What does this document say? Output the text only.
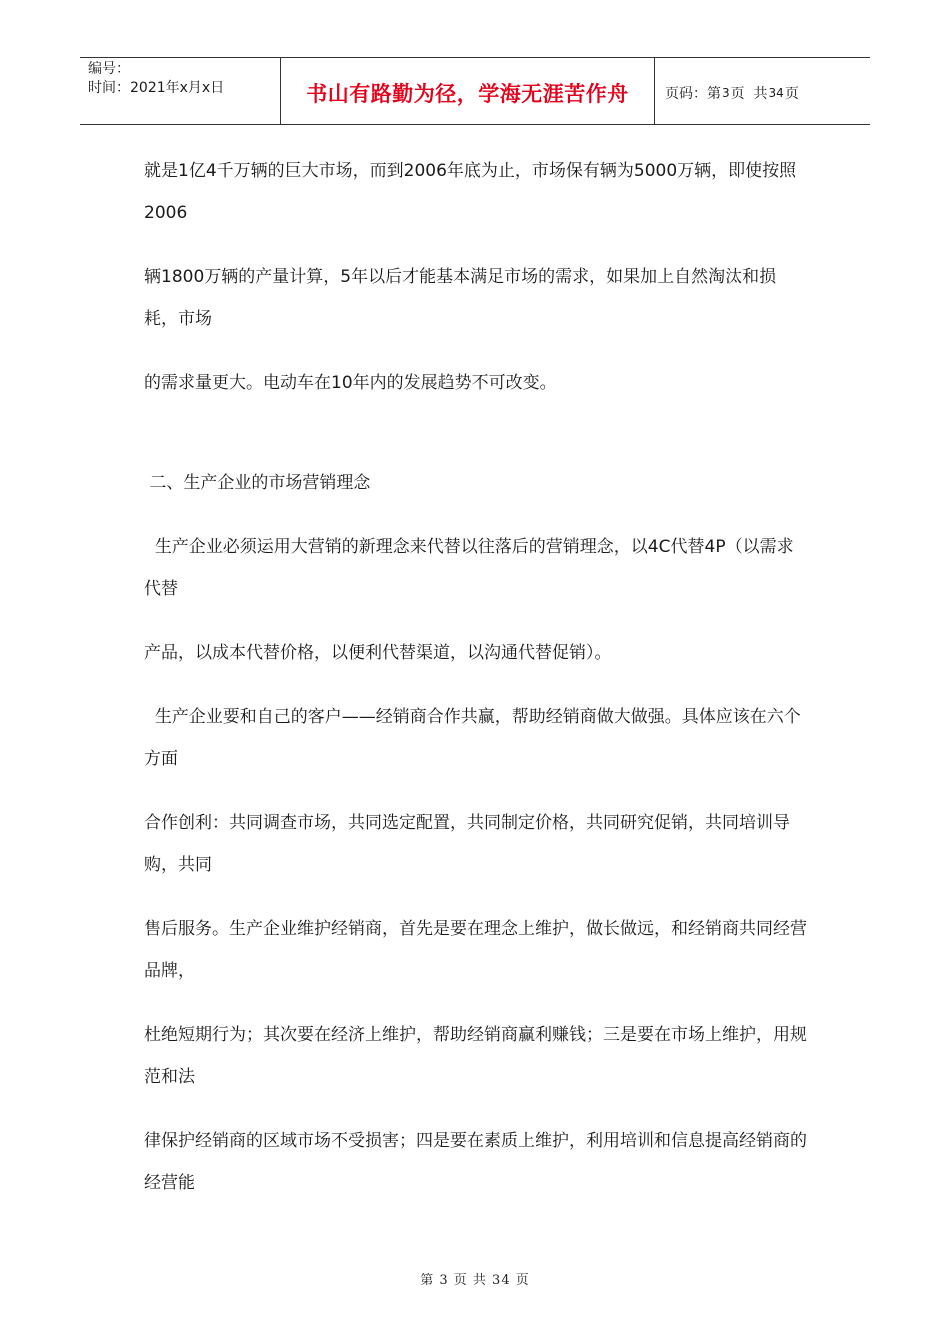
编号：
时间：2021年x月x日	书山有路勤为径，学海无涯苦作舟	页码：第 3 页  共 34 页

就是1亿4千万辆的巨大市场，而到2006年底为止，市场保有辆为5000万辆，即使按照2006

辆1800万辆的产量计算，5年以后才能基本满足市场的需求，如果加上自然淘汰和损耗，市场

的需求量更大。电动车在10年内的发展趋势不可改变。

二、生产企业的市场营销理念

生产企业必须运用大营销的新理念来代替以往落后的营销理念，以4C代替4P（以需求代替

产品，以成本代替价格，以便利代替渠道，以沟通代替促销）。

生产企业要和自己的客户——经销商合作共赢，帮助经销商做大做强。具体应该在六个方面

合作创利：共同调查市场，共同选定配置，共同制定价格，共同研究促销，共同培训导购，共同

售后服务。生产企业维护经销商，首先是要在理念上维护，做长做远，和经销商共同经营品牌，

杜绝短期行为；其次要在经济上维护，帮助经销商赢利赚钱；三是要在市场上维护，用规范和法

律保护经销商的区域市场不受损害；四是要在素质上维护，利用培训和信息提高经销商的经营能

第 3 页 共 34 页
